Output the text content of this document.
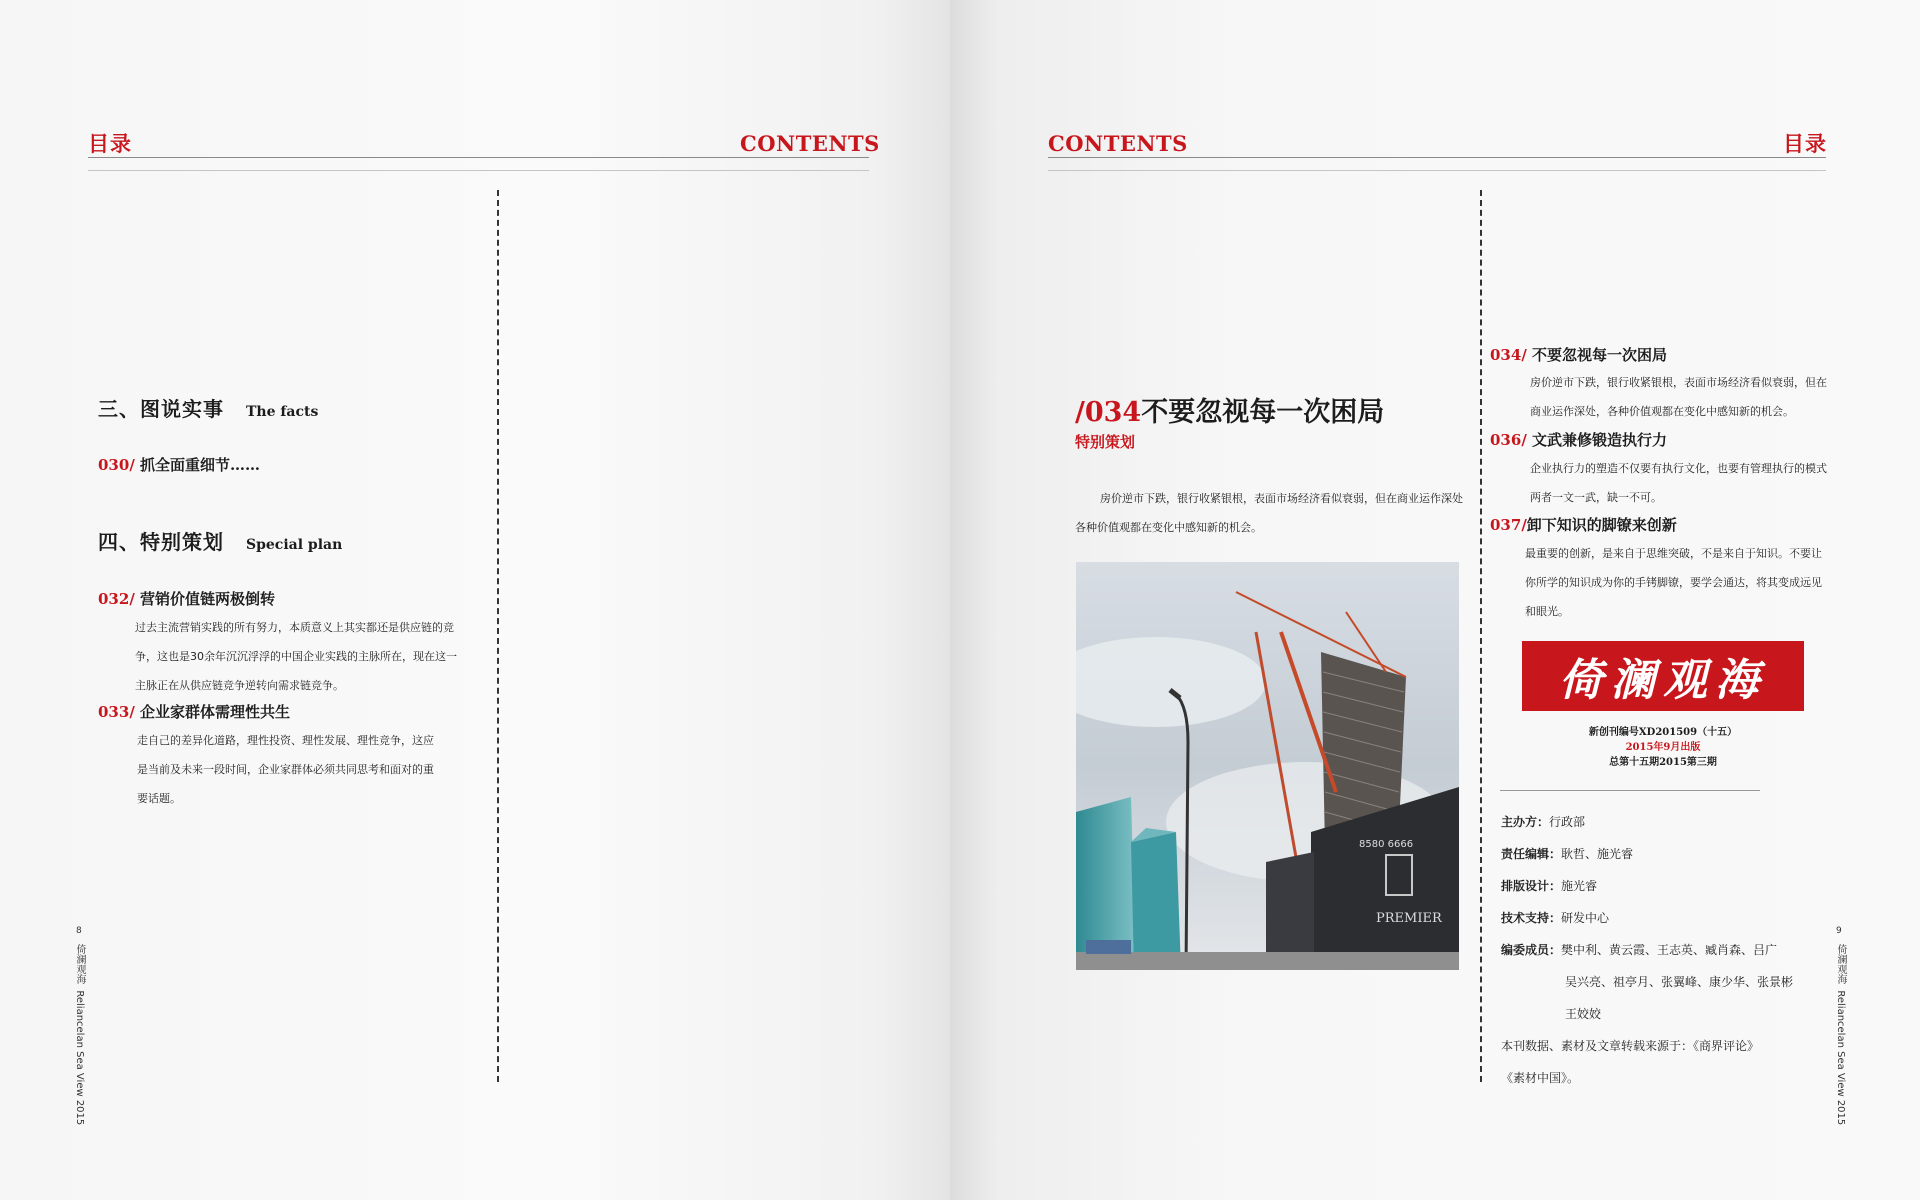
目录	CONTENTS
三、图说实事 The facts
030/ 抓全面重细节……
四、特别策划 Special plan
032/ 营销价值链两极倒转
过去主流营销实践的所有努力，本质意义上其实都还是供应链的竞
争，这也是30余年沉沉浮浮的中国企业实践的主脉所在，现在这一
主脉正在从供应链竞争逆转向需求链竞争。
033/ 企业家群体需理性共生
走自己的差异化道路，理性投资、理性发展、理性竞争，这应
是当前及未来一段时间，企业家群体必须共同思考和面对的重
要话题。
8
倚澜观海  Reliancelan Sea View 2015
CONTENTS	目录
/034不要忽视每一次困局
特别策划
房价逆市下跌，银行收紧银根，表面市场经济看似衰弱，但在商业运作深处
各种价值观都在变化中感知新的机会。
8580 6666
PREMIER
034/ 不要忽视每一次困局
房价逆市下跌，银行收紧银根，表面市场经济看似衰弱，但在
商业运作深处，各种价值观都在变化中感知新的机会。
036/ 文武兼修锻造执行力
企业执行力的塑造不仅要有执行文化，也要有管理执行的模式
两者一文一武，缺一不可。
037/卸下知识的脚镣来创新
最重要的创新，是来自于思维突破，不是来自于知识。不要让
你所学的知识成为你的手铐脚镣，要学会通达，将其变成远见
和眼光。
倚澜观海
新创刊编号XD201509（十五）
2015年9月出版
总第十五期2015第三期
主办方：行政部
责任编辑：耿哲、施光睿
排版设计：施光睿
技术支持：研发中心
编委成员：樊中利、黄云霞、王志英、臧肖森、吕广
吴兴亮、祖亭月、张翼峰、康少华、张景彬
王姣姣
本刊数据、素材及文章转载来源于：《商界评论》
《素材中国》。
9
倚澜观海  Reliancelan Sea View 2015
